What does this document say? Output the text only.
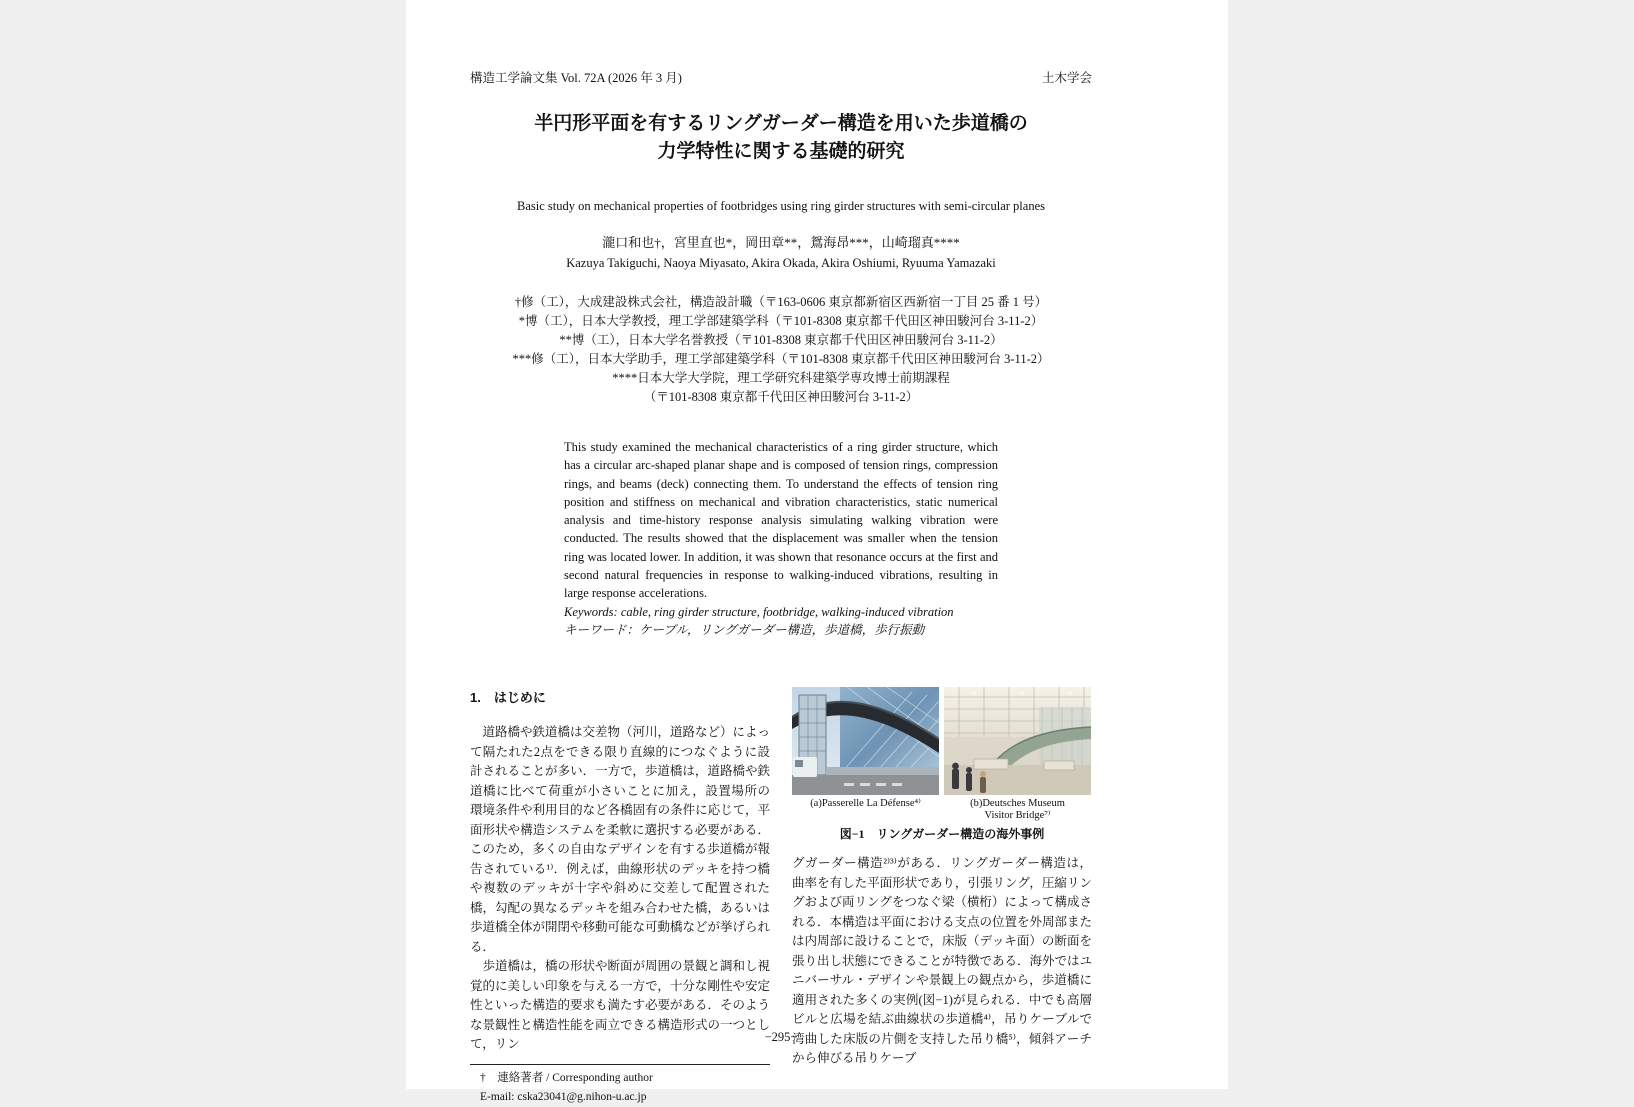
構造工学論文集 Vol. 72A (2026 年 3 月)	土木学会
半円形平面を有するリングガーダー構造を用いた歩道橋の
力学特性に関する基礎的研究
Basic study on mechanical properties of footbridges using ring girder structures with semi-circular planes
瀧口和也†，宮里直也*，岡田章**，鴛海昂***，山崎瑠真****
Kazuya Takiguchi, Naoya Miyasato, Akira Okada, Akira Oshiumi, Ryuuma Yamazaki
†修（工），大成建設株式会社，構造設計職（〒163-0606 東京都新宿区西新宿一丁目 25 番 1 号）
*博（工），日本大学教授，理工学部建築学科（〒101-8308 東京都千代田区神田駿河台 3-11-2）
**博（工），日本大学名誉教授（〒101-8308 東京都千代田区神田駿河台 3-11-2）
***修（工），日本大学助手，理工学部建築学科（〒101-8308 東京都千代田区神田駿河台 3-11-2）
****日本大学大学院，理工学研究科建築学専攻博士前期課程
（〒101-8308 東京都千代田区神田駿河台 3-11-2）
This study examined the mechanical characteristics of a ring girder structure, which has a circular arc-shaped planar shape and is composed of tension rings, compression rings, and beams (deck) connecting them. To understand the effects of tension ring position and stiffness on mechanical and vibration characteristics, static numerical analysis and time-history response analysis simulating walking vibration were conducted. The results showed that the displacement was smaller when the tension ring was located lower. In addition, it was shown that resonance occurs at the first and second natural frequencies in response to walking-induced vibrations, resulting in large response accelerations.
Keywords: cable, ring girder structure, footbridge, walking-induced vibration
キーワード：ケーブル，リングガーダー構造，歩道橋，歩行振動
1.　はじめに

　道路橋や鉄道橋は交差物（河川，道路など）によって隔たれた2点をできる限り直線的につなぐように設計されることが多い．一方で，歩道橋は，道路橋や鉄道橋に比べて荷重が小さいことに加え，設置場所の環境条件や利用目的など各橋固有の条件に応じて，平面形状や構造システムを柔軟に選択する必要がある．このため，多くの自由なデザインを有する歩道橋が報告されている¹⁾．例えば，曲線形状のデッキを持つ橋や複数のデッキが十字や斜めに交差して配置された橋，勾配の異なるデッキを組み合わせた橋，あるいは歩道橋全体が開閉や移動可能な可動橋などが挙げられる．

　歩道橋は，橋の形状や断面が周囲の景観と調和し視覚的に美しい印象を与える一方で，十分な剛性や安定性といった構造的要求も満たす必要がある．そのような景観性と構造性能を両立できる構造形式の一つとして，リン

†　連絡著者 / Corresponding author
E-mail: cska23041@g.nihon-u.ac.jp
(a)Passerelle La Défense⁴⁾	(b)Deutsches Museum
Visitor Bridge⁷⁾
図−1　リングガーダー構造の海外事例

グガーダー構造²⁾³⁾がある．リングガーダー構造は，曲率を有した平面形状であり，引張リング，圧縮リングおよび両リングをつなぐ梁（横桁）によって構成される．本構造は平面における支点の位置を外周部または内周部に設けることで，床版（デッキ面）の断面を張り出し状態にできることが特徴である．海外ではユニバーサル・デザインや景観上の観点から，歩道橋に適用された多くの実例(図−1)が見られる．中でも高層ビルと広場を結ぶ曲線状の歩道橋⁴⁾，吊りケーブルで湾曲した床版の片側を支持した吊り橋⁵⁾，傾斜アーチから伸びる吊りケーブ

−295−
